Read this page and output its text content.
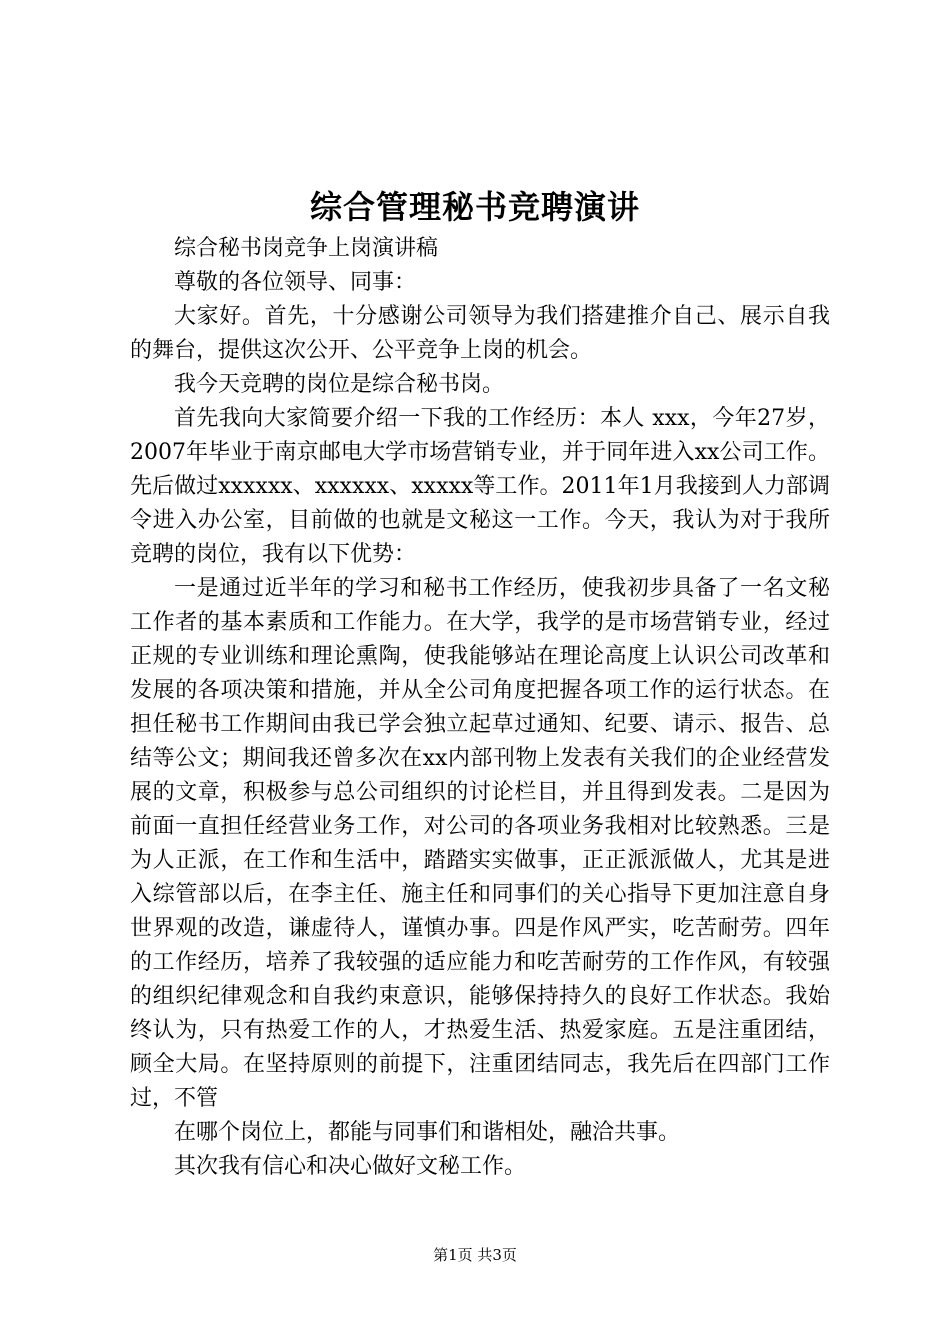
综合管理秘书竞聘演讲

综合秘书岗竞争上岗演讲稿

尊敬的各位领导、同事：

大家好。首先，十分感谢公司领导为我们搭建推介自己、展示自我的舞台，提供这次公开、公平竞争上岗的机会。

我今天竞聘的岗位是综合秘书岗。

首先我向大家简要介绍一下我的工作经历：本人 xxx，今年27岁，2007年毕业于南京邮电大学市场营销专业，并于同年进入xx公司工作。先后做过xxxxxx、xxxxxx、xxxxx等工作。2011年1月我接到人力部调令进入办公室，目前做的也就是文秘这一工作。今天，我认为对于我所竞聘的岗位，我有以下优势：

一是通过近半年的学习和秘书工作经历，使我初步具备了一名文秘工作者的基本素质和工作能力。在大学，我学的是市场营销专业，经过正规的专业训练和理论熏陶，使我能够站在理论高度上认识公司改革和发展的各项决策和措施，并从全公司角度把握各项工作的运行状态。在担任秘书工作期间由我已学会独立起草过通知、纪要、请示、报告、总结等公文；期间我还曾多次在xx内部刊物上发表有关我们的企业经营发展的文章，积极参与总公司组织的讨论栏目，并且得到发表。二是因为前面一直担任经营业务工作，对公司的各项业务我相对比较熟悉。三是为人正派，在工作和生活中，踏踏实实做事，正正派派做人，尤其是进入综管部以后，在李主任、施主任和同事们的关心指导下更加注意自身世界观的改造，谦虚待人，谨慎办事。四是作风严实，吃苦耐劳。四年的工作经历，培养了我较强的适应能力和吃苦耐劳的工作作风，有较强的组织纪律观念和自我约束意识，能够保持持久的良好工作状态。我始终认为，只有热爱工作的人，才热爱生活、热爱家庭。五是注重团结，顾全大局。在坚持原则的前提下，注重团结同志，我先后在四部门工作过，不管

在哪个岗位上，都能与同事们和谐相处，融洽共事。

其次我有信心和决心做好文秘工作。

第1页 共3页
